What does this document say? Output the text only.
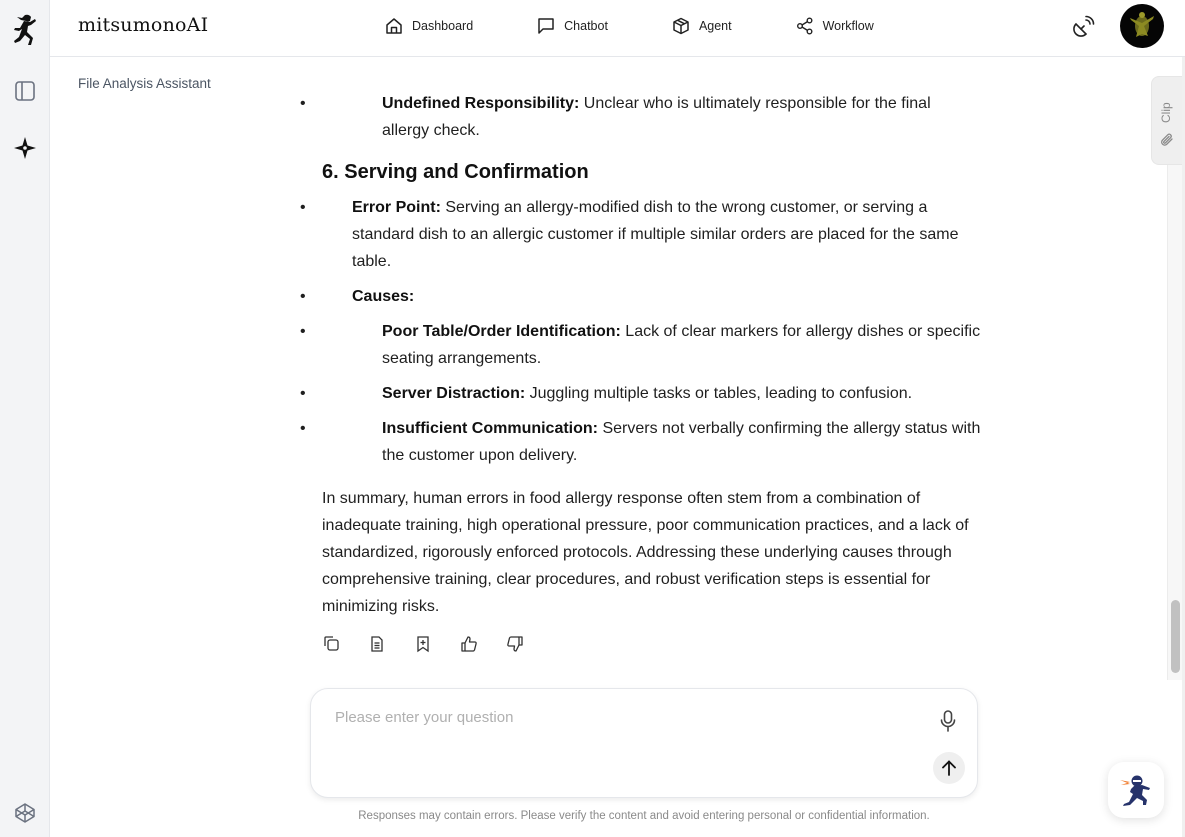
mitsumonoAI	Dashboard	Chatbot	Agent	Workflow
File Analysis Assistant
• Undefined Responsibility: Unclear who is ultimately responsible for the final allergy check.
6. Serving and Confirmation
• Error Point: Serving an allergy-modified dish to the wrong customer, or serving a standard dish to an allergic customer if multiple similar orders are placed for the same table.
• Causes:
• Poor Table/Order Identification: Lack of clear markers for allergy dishes or specific seating arrangements.
• Server Distraction: Juggling multiple tasks or tables, leading to confusion.
• Insufficient Communication: Servers not verbally confirming the allergy status with the customer upon delivery.

In summary, human errors in food allergy response often stem from a combination of inadequate training, high operational pressure, poor communication practices, and a lack of standardized, rigorously enforced protocols. Addressing these underlying causes through comprehensive training, clear procedures, and robust verification steps is essential for minimizing risks.

Please enter your question
Responses may contain errors. Please verify the content and avoid entering personal or confidential information.
Clip
